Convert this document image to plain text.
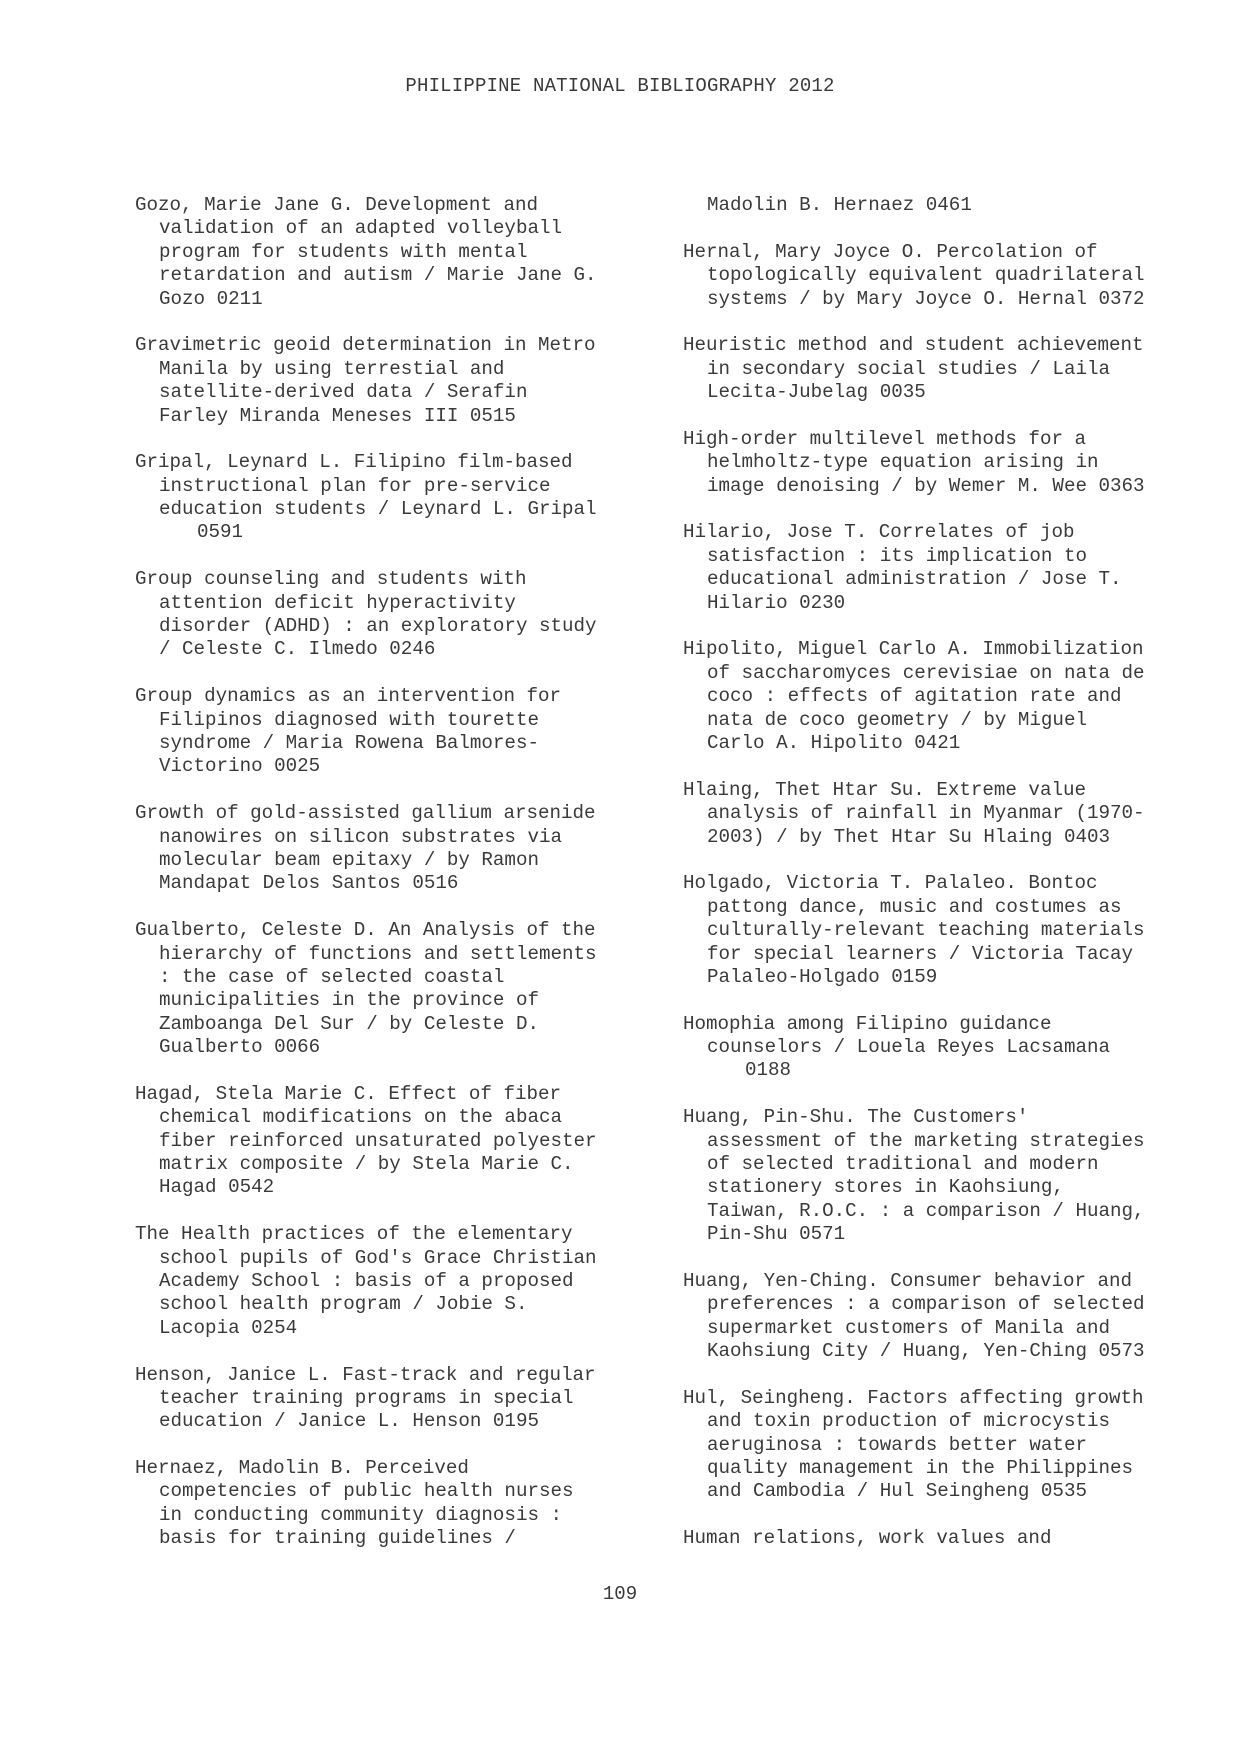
PHILIPPINE NATIONAL BIBLIOGRAPHY 2012
Gozo, Marie Jane G. Development and
validation of an adapted volleyball
program for students with mental
retardation and autism / Marie Jane G.
Gozo 0211
Gravimetric geoid determination in Metro
Manila by using terrestial and
satellite-derived data / Serafin
Farley Miranda Meneses III 0515
Gripal, Leynard L. Filipino film-based
instructional plan for pre-service
education students / Leynard L. Gripal
0591
Group counseling and students with
attention deficit hyperactivity
disorder (ADHD) : an exploratory study
/ Celeste C. Ilmedo 0246
Group dynamics as an intervention for
Filipinos diagnosed with tourette
syndrome / Maria Rowena Balmores-
Victorino 0025
Growth of gold-assisted gallium arsenide
nanowires on silicon substrates via
molecular beam epitaxy / by Ramon
Mandapat Delos Santos 0516
Gualberto, Celeste D. An Analysis of the
hierarchy of functions and settlements
: the case of selected coastal
municipalities in the province of
Zamboanga Del Sur / by Celeste D.
Gualberto 0066
Hagad, Stela Marie C. Effect of fiber
chemical modifications on the abaca
fiber reinforced unsaturated polyester
matrix composite / by Stela Marie C.
Hagad 0542
The Health practices of the elementary
school pupils of God's Grace Christian
Academy School : basis of a proposed
school health program / Jobie S.
Lacopia 0254
Henson, Janice L. Fast-track and regular
teacher training programs in special
education / Janice L. Henson 0195
Hernaez, Madolin B. Perceived
competencies of public health nurses
in conducting community diagnosis :
basis for training guidelines /
Madolin B. Hernaez 0461
Hernal, Mary Joyce O. Percolation of
topologically equivalent quadrilateral
systems / by Mary Joyce O. Hernal 0372
Heuristic method and student achievement
in secondary social studies / Laila
Lecita-Jubelag 0035
High-order multilevel methods for a
helmholtz-type equation arising in
image denoising / by Wemer M. Wee 0363
Hilario, Jose T. Correlates of job
satisfaction : its implication to
educational administration / Jose T.
Hilario 0230
Hipolito, Miguel Carlo A. Immobilization
of saccharomyces cerevisiae on nata de
coco : effects of agitation rate and
nata de coco geometry / by Miguel
Carlo A. Hipolito 0421
Hlaing, Thet Htar Su. Extreme value
analysis of rainfall in Myanmar (1970-
2003) / by Thet Htar Su Hlaing 0403
Holgado, Victoria T. Palaleo. Bontoc
pattong dance, music and costumes as
culturally-relevant teaching materials
for special learners / Victoria Tacay
Palaleo-Holgado 0159
Homophia among Filipino guidance
counselors / Louela Reyes Lacsamana
0188
Huang, Pin-Shu. The Customers'
assessment of the marketing strategies
of selected traditional and modern
stationery stores in Kaohsiung,
Taiwan, R.O.C. : a comparison / Huang,
Pin-Shu 0571
Huang, Yen-Ching. Consumer behavior and
preferences : a comparison of selected
supermarket customers of Manila and
Kaohsiung City / Huang, Yen-Ching 0573
Hul, Seingheng. Factors affecting growth
and toxin production of microcystis
aeruginosa : towards better water
quality management in the Philippines
and Cambodia / Hul Seingheng 0535
Human relations, work values and
109
